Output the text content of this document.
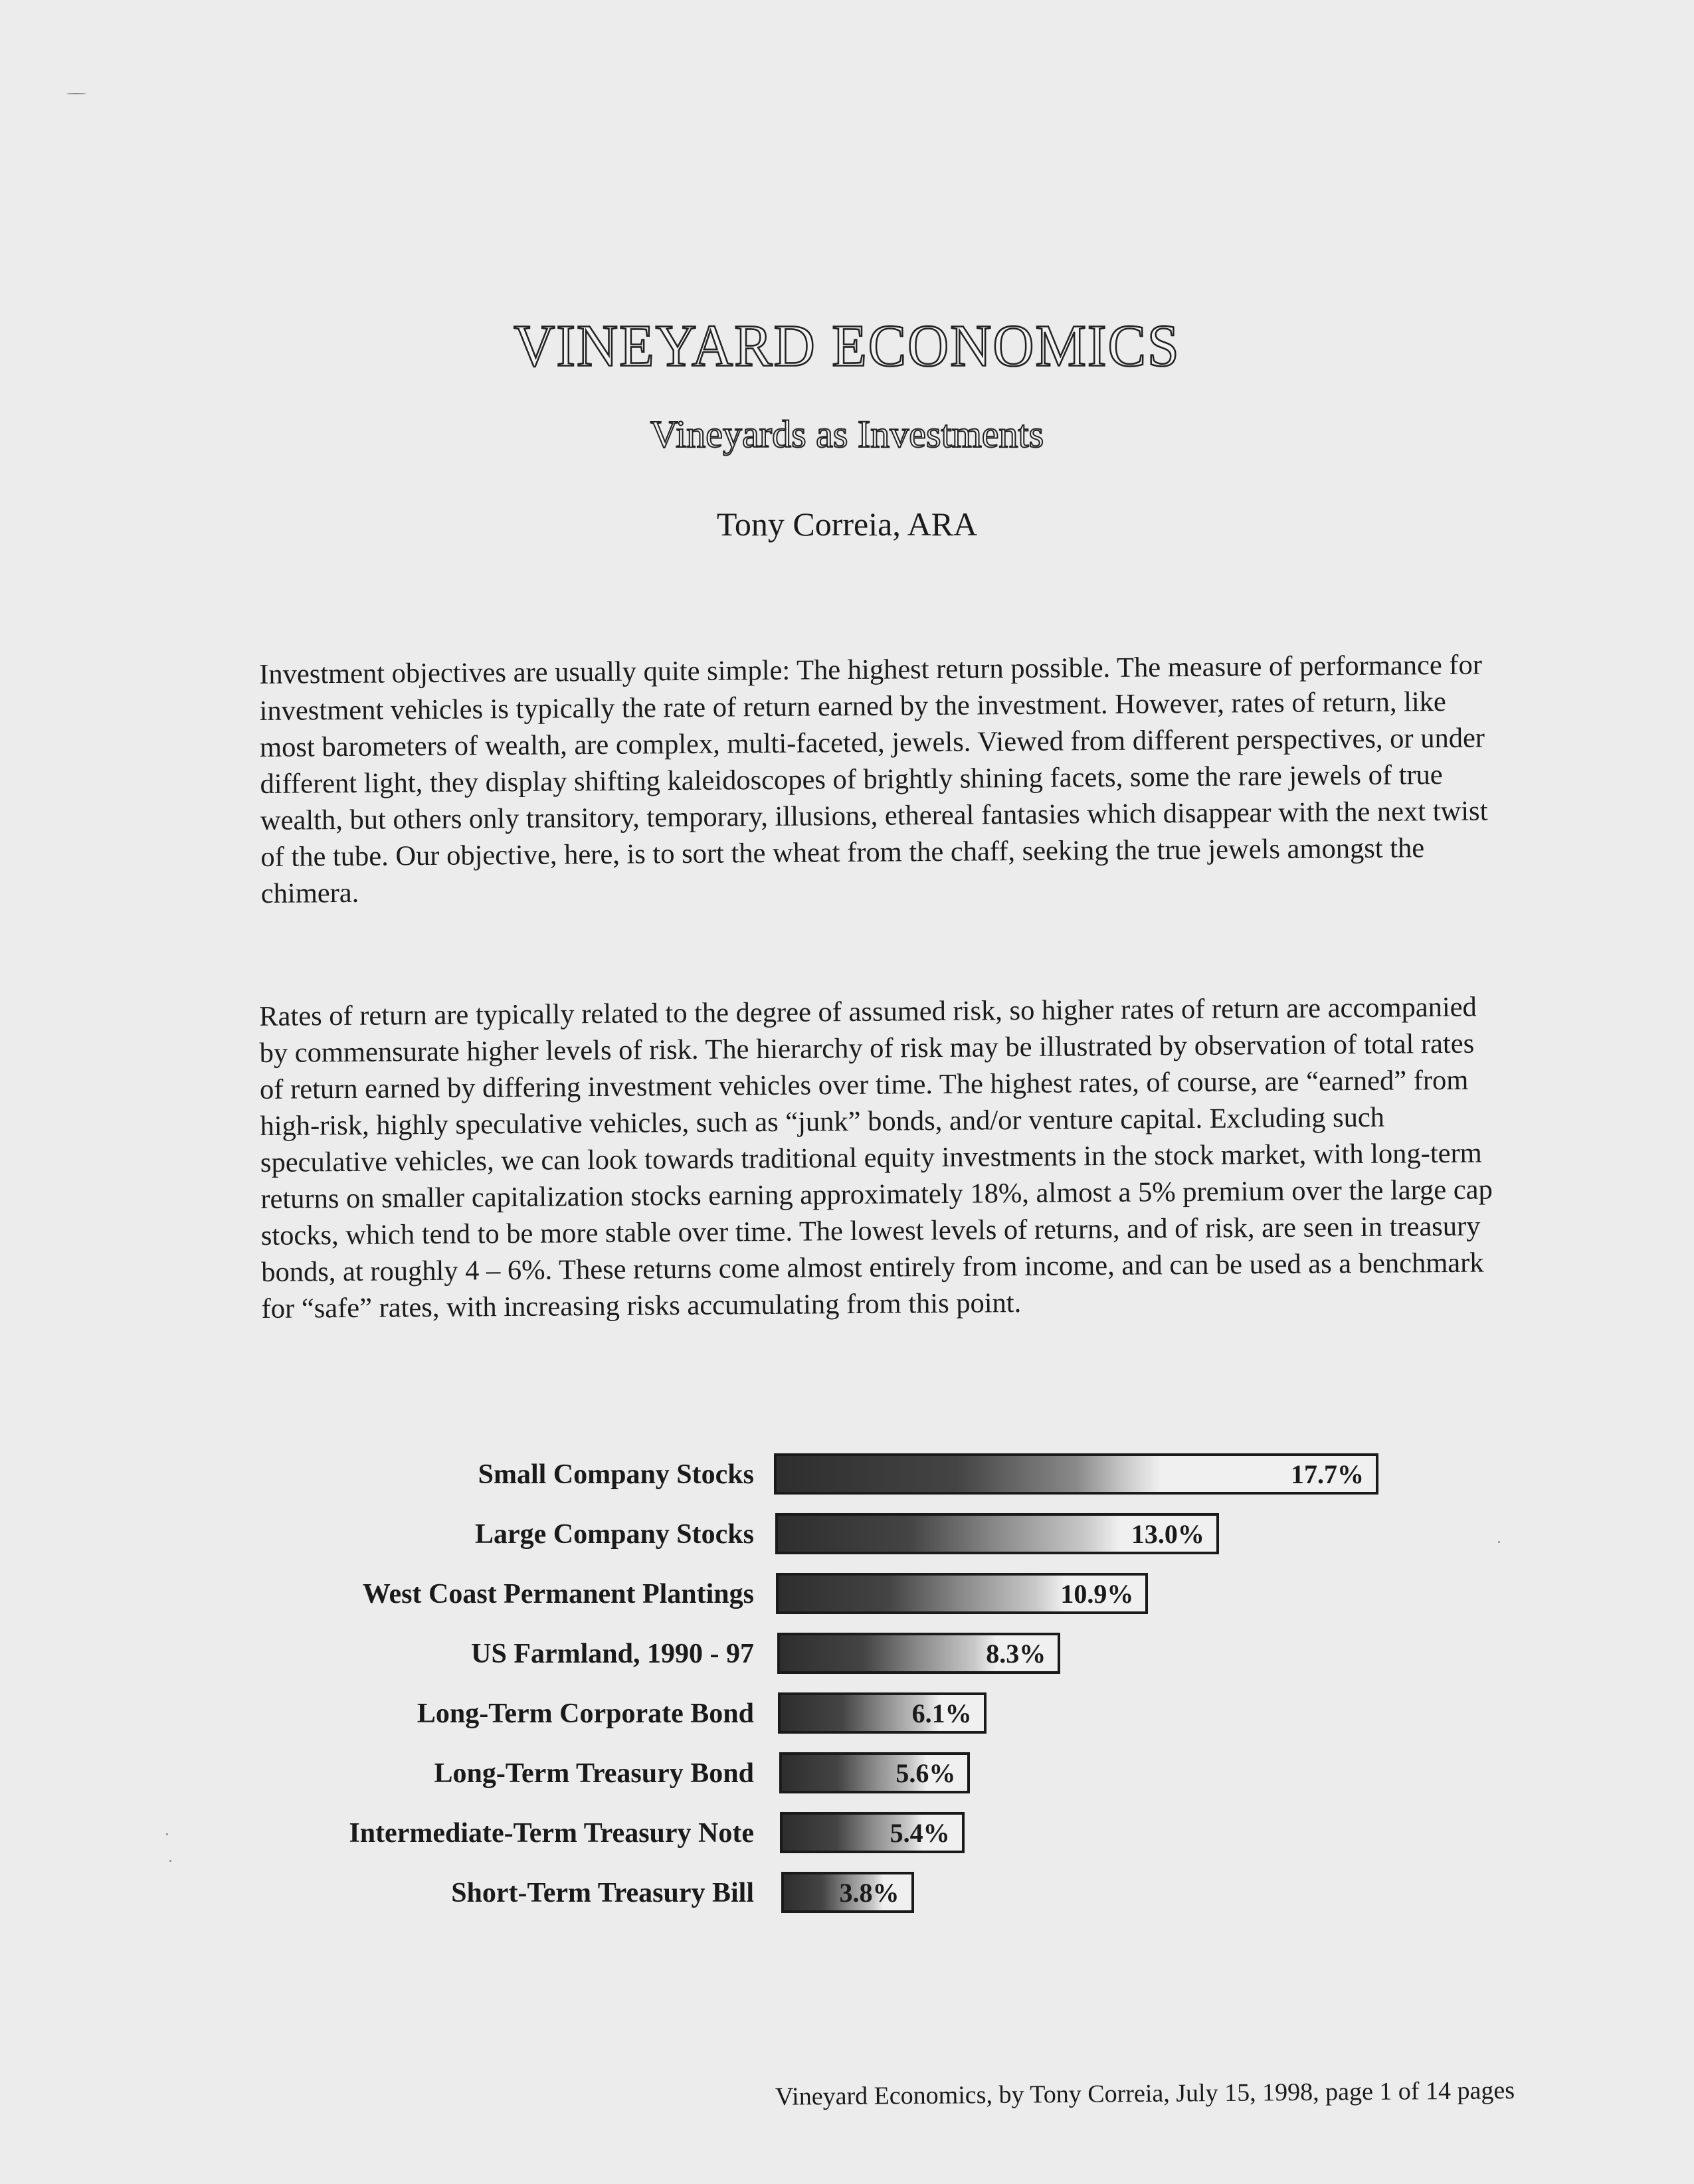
VINEYARD ECONOMICS
Vineyards as Investments
Tony Correia, ARA

Investment objectives are usually quite simple: The highest return possible. The measure of performance for investment vehicles is typically the rate of return earned by the investment. However, rates of return, like most barometers of wealth, are complex, multi-faceted, jewels. Viewed from different perspectives, or under different light, they display shifting kaleidoscopes of brightly shining facets, some the rare jewels of true wealth, but others only transitory, temporary, illusions, ethereal fantasies which disappear with the next twist of the tube. Our objective, here, is to sort the wheat from the chaff, seeking the true jewels amongst the chimera.

Rates of return are typically related to the degree of assumed risk, so higher rates of return are accompanied by commensurate higher levels of risk. The hierarchy of risk may be illustrated by observation of total rates of return earned by differing investment vehicles over time. The highest rates, of course, are “earned” from high-risk, highly speculative vehicles, such as “junk” bonds, and/or venture capital. Excluding such speculative vehicles, we can look towards traditional equity investments in the stock market, with long-term returns on smaller capitalization stocks earning approximately 18%, almost a 5% premium over the large cap stocks, which tend to be more stable over time. The lowest levels of returns, and of risk, are seen in treasury bonds, at roughly 4 – 6%. These returns come almost entirely from income, and can be used as a benchmark for “safe” rates, with increasing risks accumulating from this point.

Small Company Stocks	17.7%
Large Company Stocks	13.0%
West Coast Permanent Plantings	10.9%
US Farmland, 1990 - 97	8.3%
Long-Term Corporate Bond	6.1%
Long-Term Treasury Bond	5.6%
Intermediate-Term Treasury Note	5.4%
Short-Term Treasury Bill	3.8%
Vineyard Economics, by Tony Correia, July 15, 1998, page 1 of 14 pages
